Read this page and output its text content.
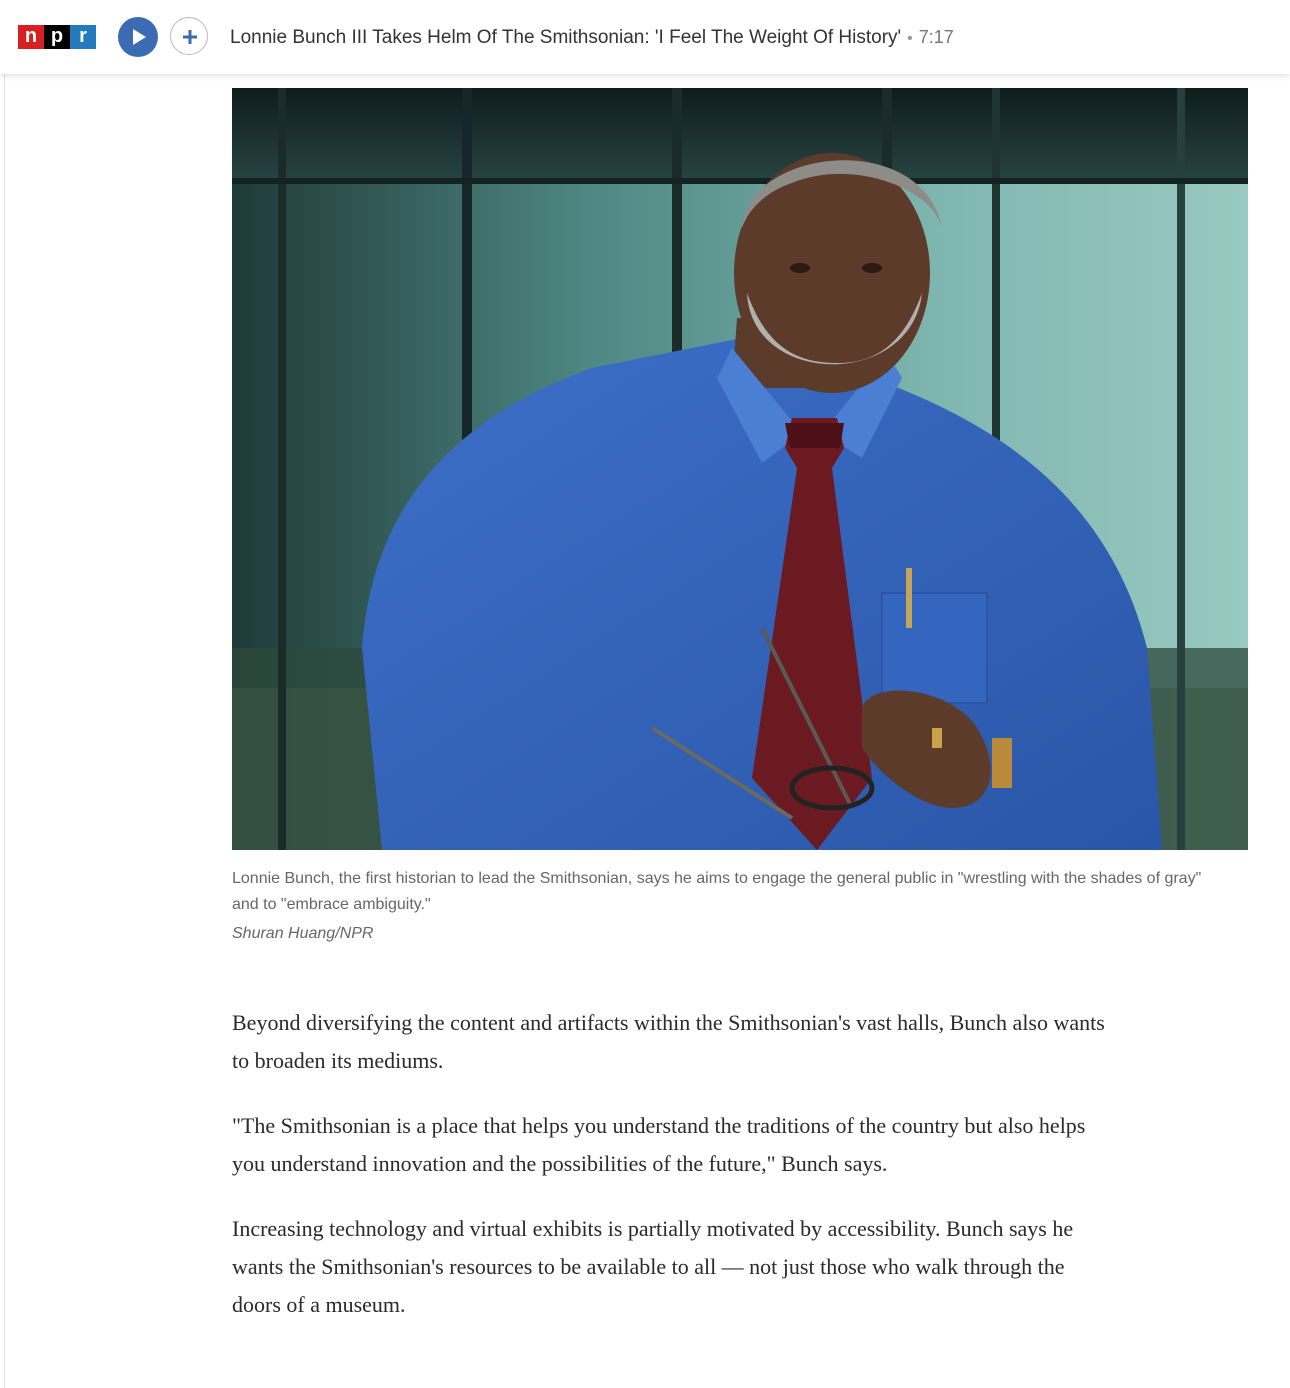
n p r	Lonnie Bunch III Takes Helm Of The Smithsonian: 'I Feel The Weight Of History' • 7:17

Lonnie Bunch, the first historian to lead the Smithsonian, says he aims to engage the general public in "wrestling with the shades of gray" and to "embrace ambiguity."

Shuran Huang/NPR

Beyond diversifying the content and artifacts within the Smithsonian's vast halls, Bunch also wants to broaden its mediums.

"The Smithsonian is a place that helps you understand the traditions of the country but also helps you understand innovation and the possibilities of the future," Bunch says.

Increasing technology and virtual exhibits is partially motivated by accessibility. Bunch says he wants the Smithsonian's resources to be available to all — not just those who walk through the doors of a museum.
